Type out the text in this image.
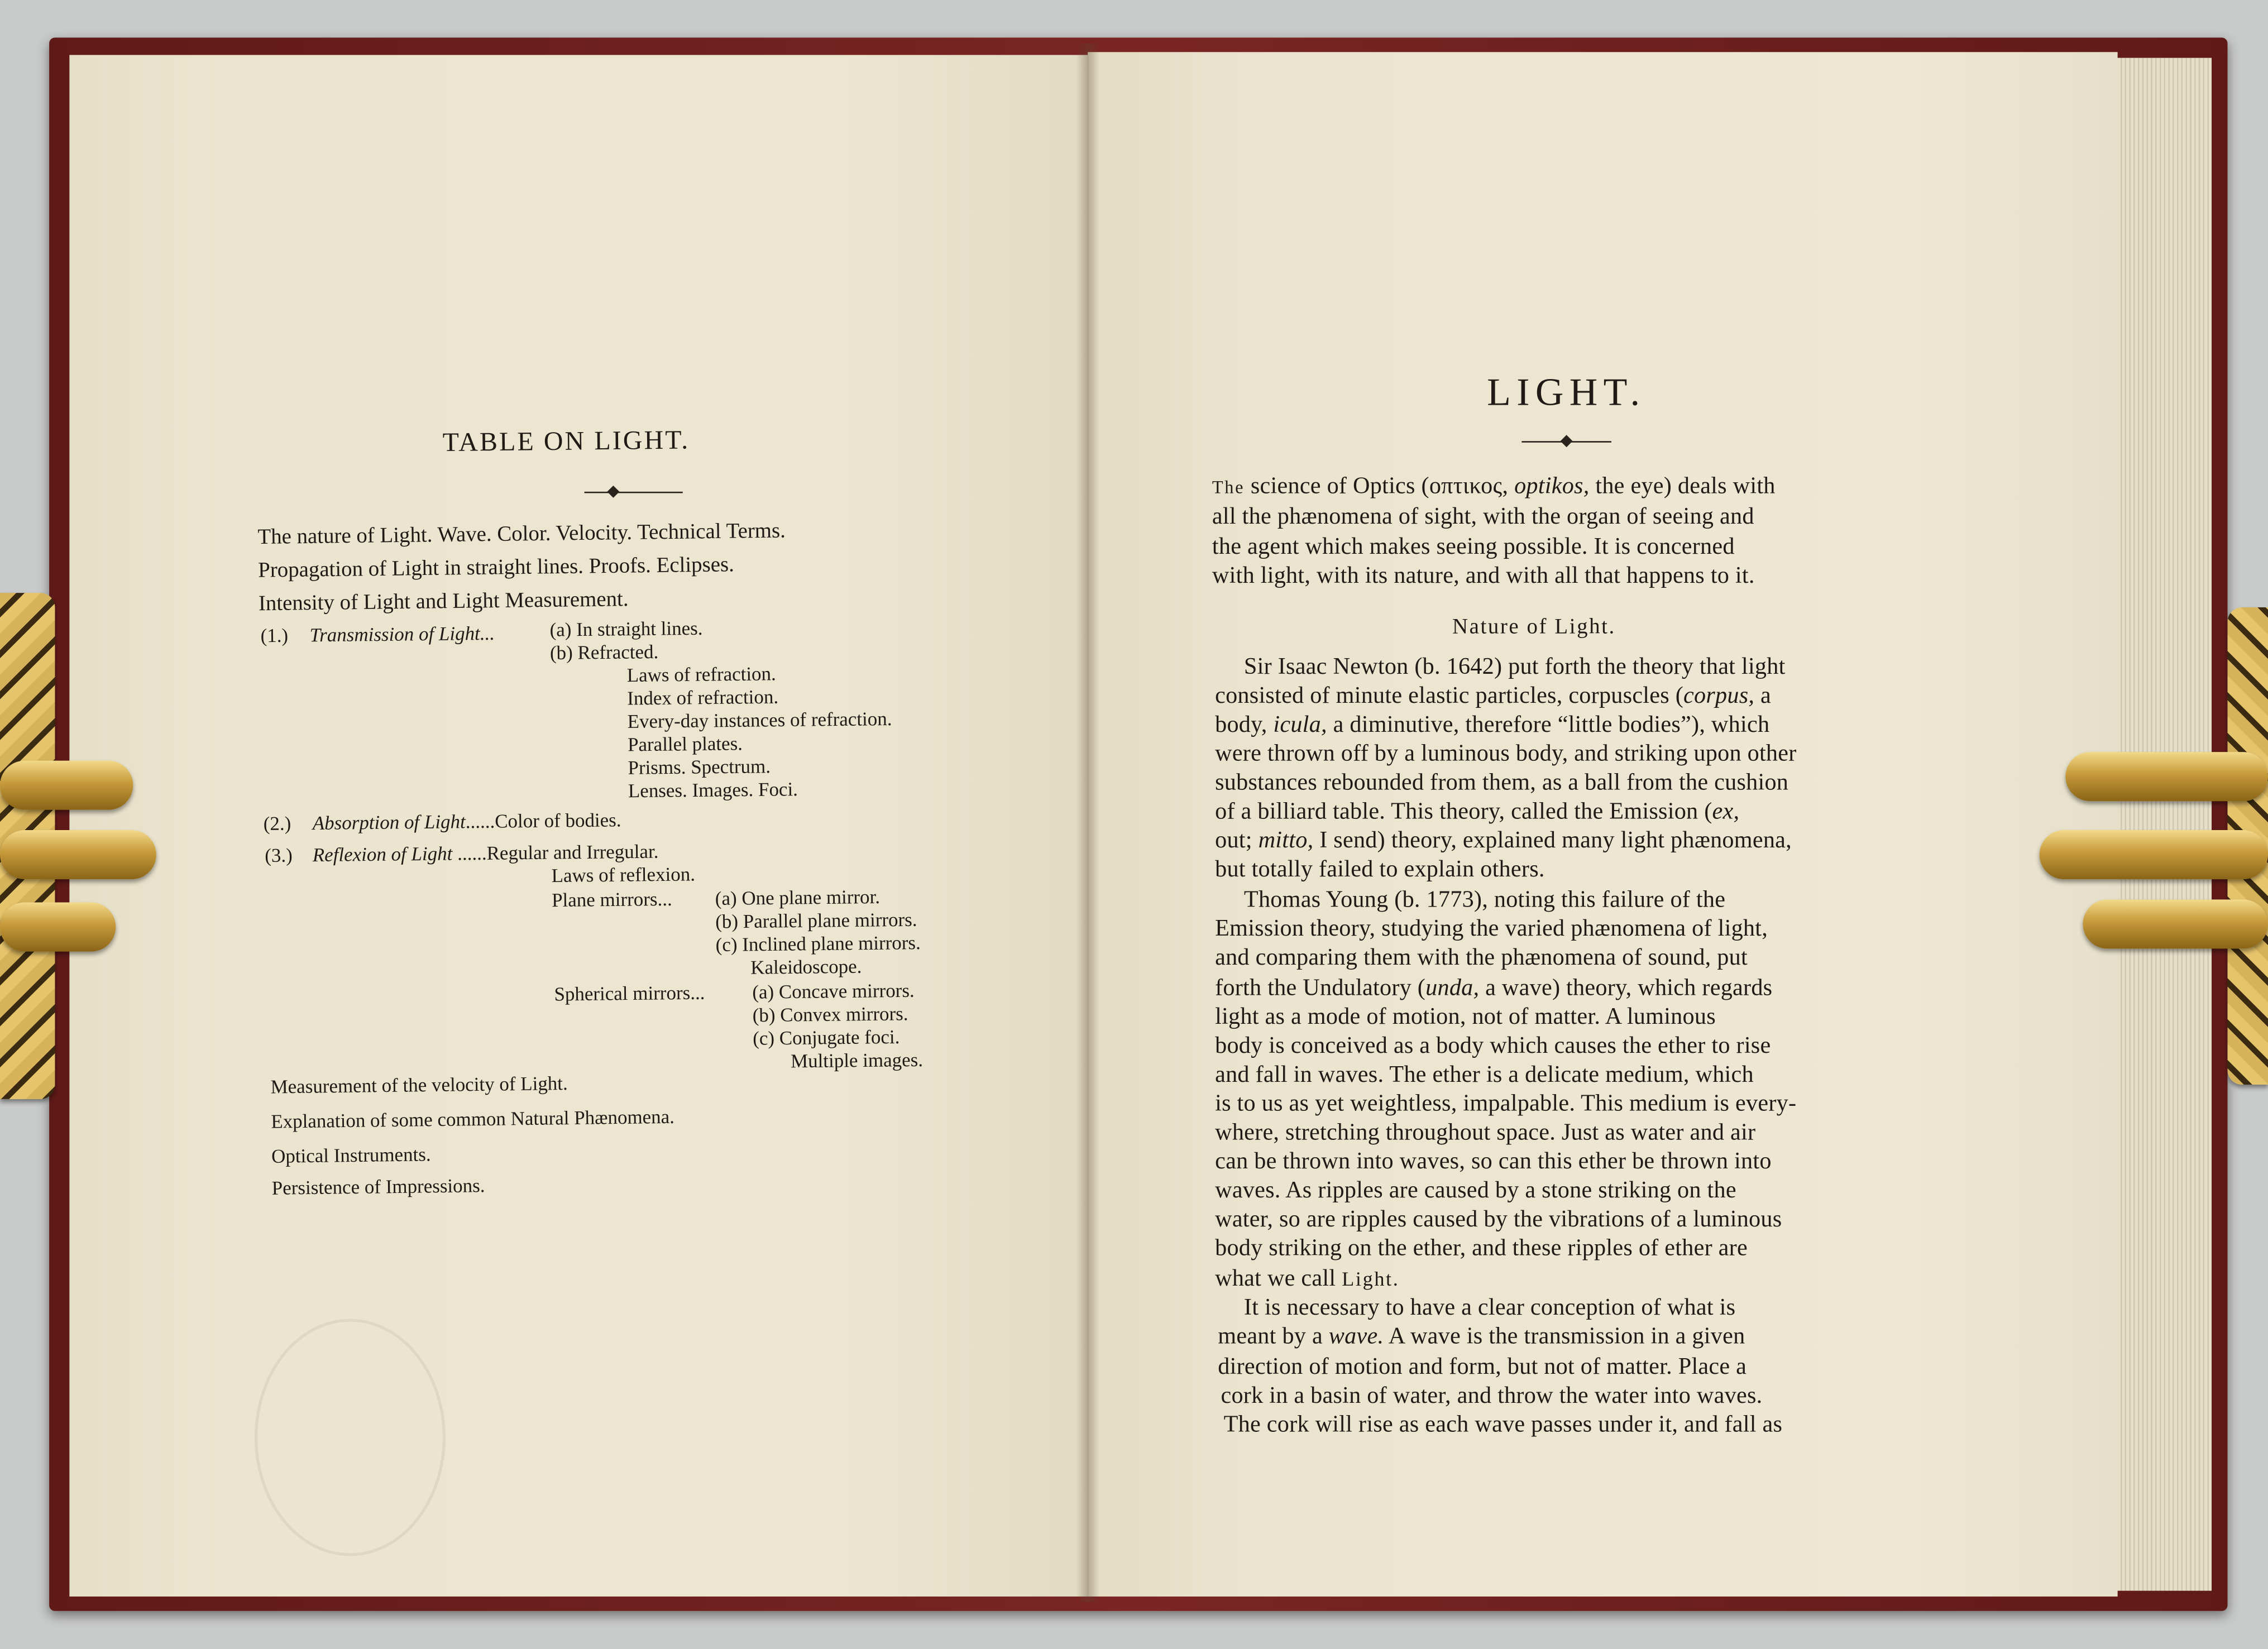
TABLE ON LIGHT.
The nature of Light. Wave. Color. Velocity. Technical Terms.
Propagation of Light in straight lines. Proofs. Eclipses.
Intensity of Light and Light Measurement.
(1.)	Transmission of Light...	(a) In straight lines.
(b) Refracted.
Laws of refraction.
Index of refraction.
Every-day instances of refraction.
Parallel plates.
Prisms. Spectrum.
Lenses. Images. Foci.
(2.)	Absorption of Light......Color of bodies.
(3.)	Reflexion of Light ......Regular and Irregular.
Laws of reflexion.
Plane mirrors...	(a) One plane mirror.
(b) Parallel plane mirrors.
(c) Inclined plane mirrors.
Kaleidoscope.
Spherical mirrors...	(a) Concave mirrors.
(b) Convex mirrors.
(c) Conjugate foci.
Multiple images.
Measurement of the velocity of Light.
Explanation of some common Natural Phænomena.
Optical Instruments.
Persistence of Impressions.
LIGHT.
The science of Optics (οπτικος, optikos, the eye) deals with
all the phænomena of sight, with the organ of seeing and
the agent which makes seeing possible. It is concerned
with light, with its nature, and with all that happens to it.
Nature of Light.
Sir Isaac Newton (b. 1642) put forth the theory that light
consisted of minute elastic particles, corpuscles (corpus, a
body, icula, a diminutive, therefore “little bodies”), which
were thrown off by a luminous body, and striking upon other
substances rebounded from them, as a ball from the cushion
of a billiard table. This theory, called the Emission (ex,
out; mitto, I send) theory, explained many light phænomena,
but totally failed to explain others.
Thomas Young (b. 1773), noting this failure of the
Emission theory, studying the varied phænomena of light,
and comparing them with the phænomena of sound, put
forth the Undulatory (unda, a wave) theory, which regards
light as a mode of motion, not of matter. A luminous
body is conceived as a body which causes the ether to rise
and fall in waves. The ether is a delicate medium, which
is to us as yet weightless, impalpable. This medium is every-
where, stretching throughout space. Just as water and air
can be thrown into waves, so can this ether be thrown into
waves. As ripples are caused by a stone striking on the
water, so are ripples caused by the vibrations of a luminous
body striking on the ether, and these ripples of ether are
what we call Light.
It is necessary to have a clear conception of what is
meant by a wave. A wave is the transmission in a given
direction of motion and form, but not of matter. Place a
cork in a basin of water, and throw the water into waves.
The cork will rise as each wave passes under it, and fall as
